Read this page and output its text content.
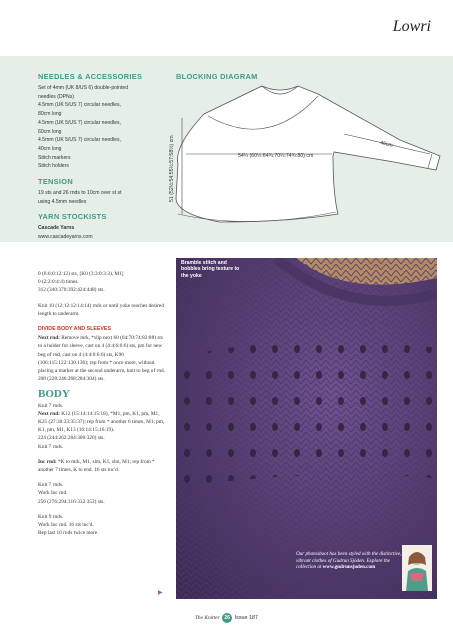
Lowri
NEEDLES & ACCESSORIES
Set of 4mm (UK 8/US 6) double-pointed
needles (DPNs)
4.5mm (UK 5/US 7) circular needles,
80cm long
4.5mm (UK 5/US 7) circular needles,
60cm long
4.5mm (UK 5/US 7) circular needles,
40cm long
Stitch markers
Stitch holders
TENSION
19 sts and 26 rnds to 10cm over st st
using 4.5mm needles
YARN STOCKISTS
Cascade Yarns
www.cascadeyarns.com
BLOCKING DIAGRAM
54¼ (60½:64¾:70¼:74¾:80) cm
46cm
51 (52½:54:55½:57:58½) cm
0 (6:6:0:12:12) sts, [K0 (3:3:0:3:3), M1]
0 (2:2:0:4:4) times.

312 (340:370:392:424:448) sts.

Knit 10 (12:12:12:14:14) rnds or until yoke reaches desired length to underarm.

DIVIDE BODY AND SLEEVES
Next rnd: Remove mrk, *slip next 60 (64:70:74:82:88) sts to a holder for sleeve, cast on 4 (4:4:6:6:6) sts, pm for new beg of rnd, cast on 4 (4:4:6:6:6) sts, K96 (106:115:122:130:136); rep from * once more, without placing a marker at the second underarm, knit to beg of rnd.

208 (228:246:268:284:304) sts.

BODY
Knit 7 rnds.
Next rnd: K12 (15:14:14:15:18), *M1, pm, K1, pm, M1, K25 (27:30:33:35:37); rep from * another 6 times, M1, pm, K1, pm, M1, K13 (16:14:15:16:19).
224 (244:262:284:300:320) sts.

Knit 7 rnds.

Inc rnd: *K to mrk, M1, slm, K1, slm, M1; rep from * another 7 times, K to end. 16 sts inc'd.

Knit 7 rnds.
Work Inc rnd.

256 (276:294:316:332:352) sts.

Knit 9 rnds.
Work Inc rnd. 16 sts inc'd.
Rep last 10 rnds twice more.
▶
Bramble stitch and bobbles bring texture to the yoke
Our photoshoot has been styled with the distinctive, vibrant clothes of Gudrun Sjöden. Explore the collection at www.gudrunsjoden.com
The Knitter 26 Issue 187
